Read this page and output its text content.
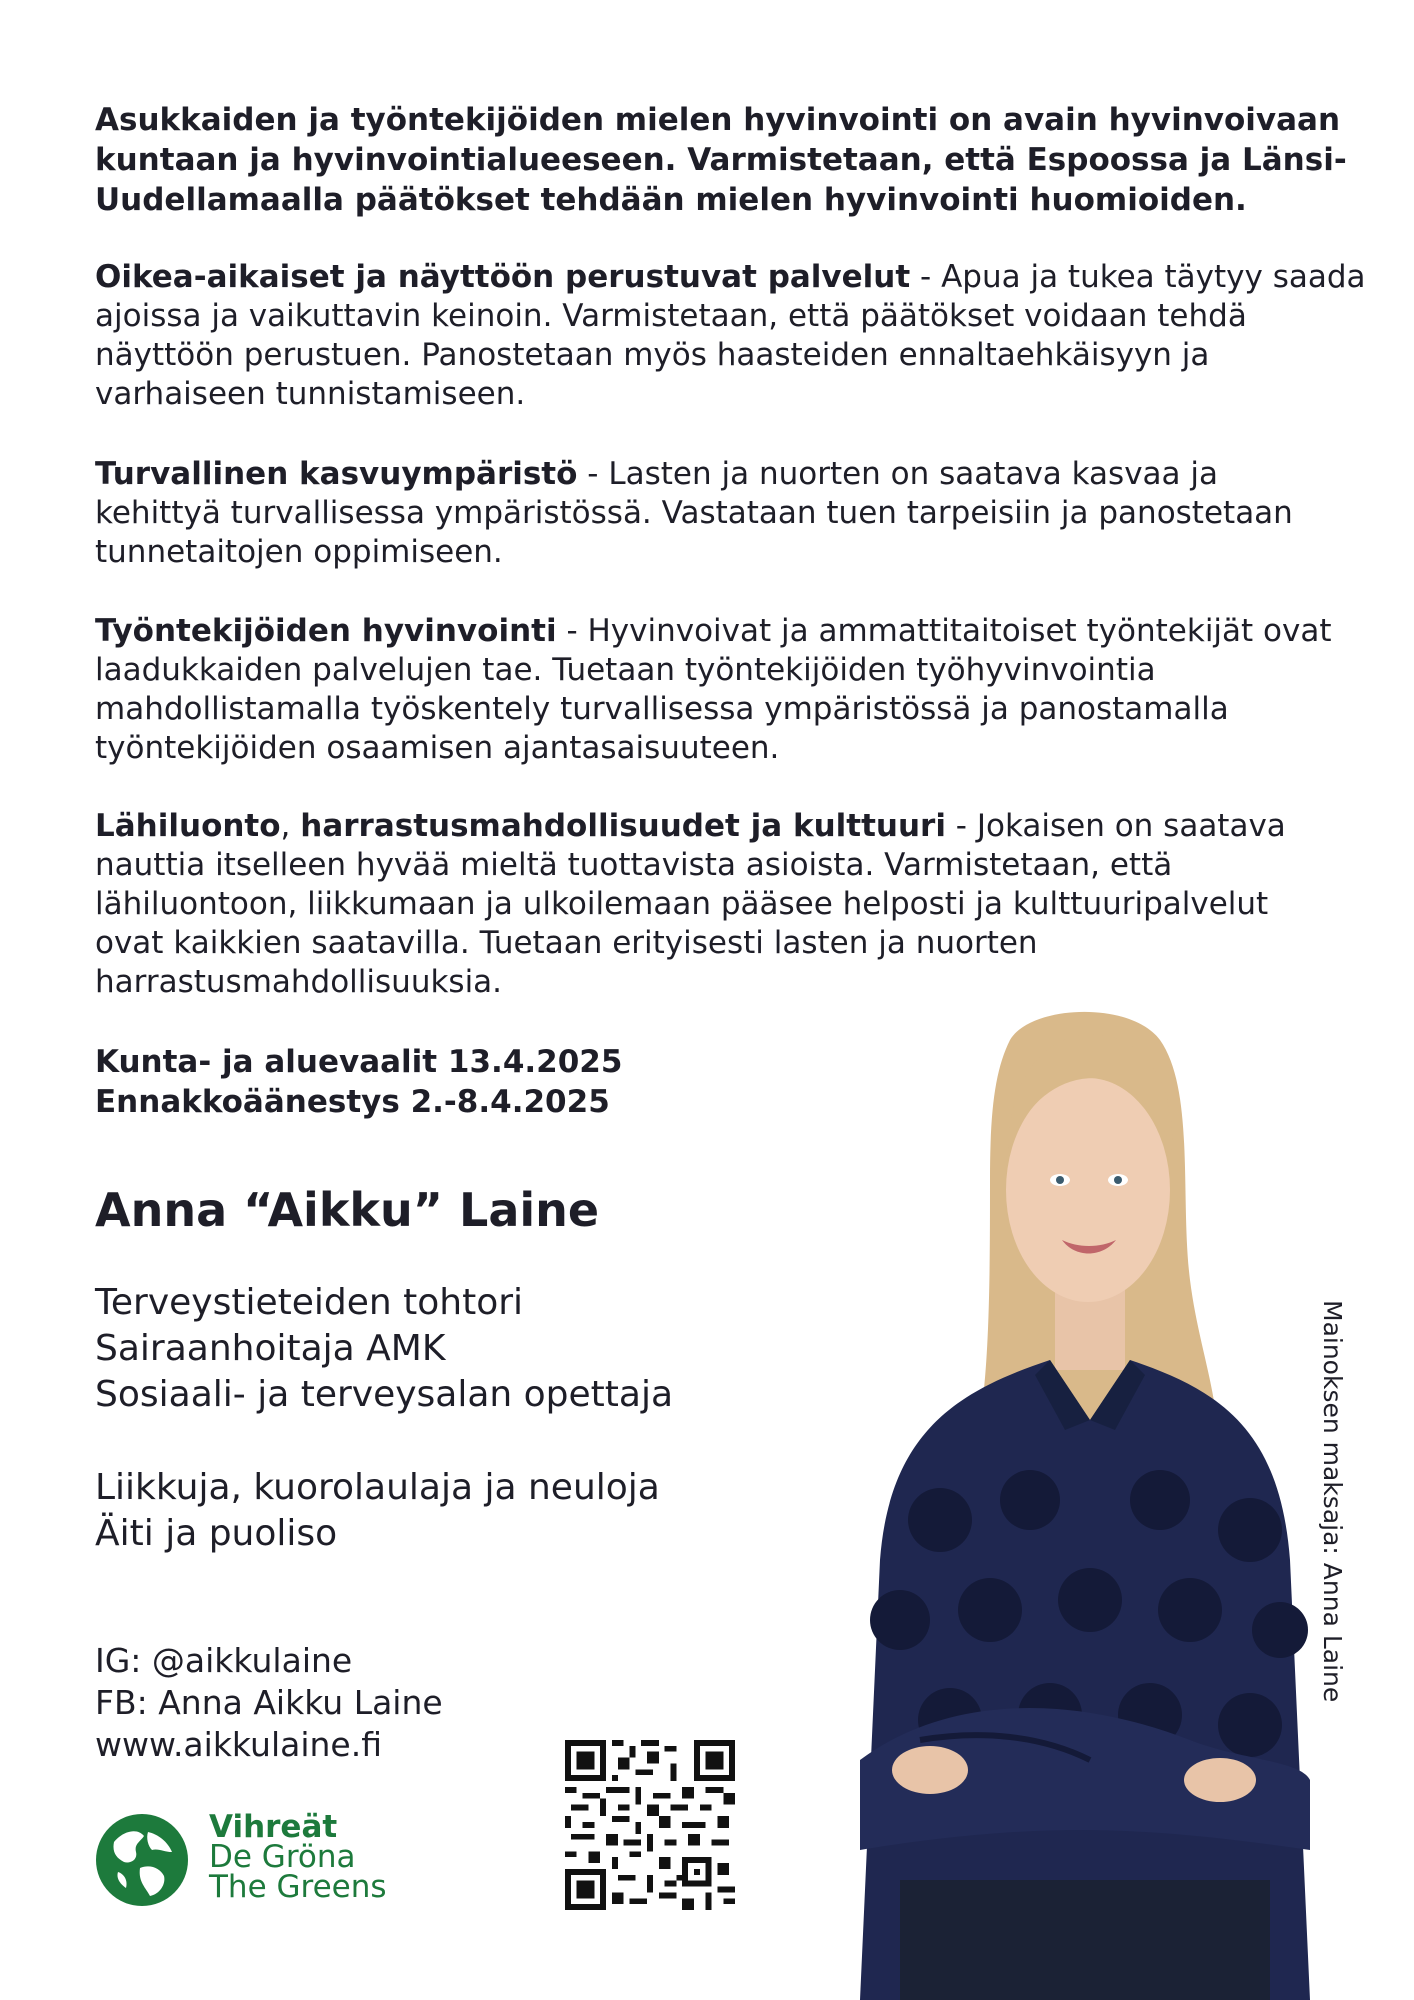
Asukkaiden ja työntekijöiden mielen hyvinvointi on avain hyvinvoivaan
kuntaan ja hyvinvointialueeseen. Varmistetaan, että Espoossa ja Länsi-
Uudellamaalla päätökset tehdään mielen hyvinvointi huomioiden.
Oikea-aikaiset ja näyttöön perustuvat palvelut - Apua ja tukea täytyy saada
ajoissa ja vaikuttavin keinoin. Varmistetaan, että päätökset voidaan tehdä
näyttöön perustuen. Panostetaan myös haasteiden ennaltaehkäisyyn ja
varhaiseen tunnistamiseen.
Turvallinen kasvuympäristö - Lasten ja nuorten on saatava kasvaa ja
kehittyä turvallisessa ympäristössä. Vastataan tuen tarpeisiin ja panostetaan
tunnetaitojen oppimiseen.
Työntekijöiden hyvinvointi - Hyvinvoivat ja ammattitaitoiset työntekijät ovat
laadukkaiden palvelujen tae. Tuetaan työntekijöiden työhyvinvointia
mahdollistamalla työskentely turvallisessa ympäristössä ja panostamalla
työntekijöiden osaamisen ajantasaisuuteen.
Lähiluonto, harrastusmahdollisuudet ja kulttuuri - Jokaisen on saatava
nauttia itselleen hyvää mieltä tuottavista asioista. Varmistetaan, että
lähiluontoon, liikkumaan ja ulkoilemaan pääsee helposti ja kulttuuripalvelut
ovat kaikkien saatavilla. Tuetaan erityisesti lasten ja nuorten
harrastusmahdollisuuksia.
Kunta- ja aluevaalit 13.4.2025
Ennakkoäänestys 2.-8.4.2025
Anna “Aikku” Laine
Terveystieteiden tohtori
Sairaanhoitaja AMK
Sosiaali- ja terveysalan opettaja
Liikkuja, kuorolaulaja ja neuloja
Äiti ja puoliso
IG: @aikkulaine
FB: Anna Aikku Laine
www.aikkulaine.fi
Vihreät
De Gröna
The Greens
Mainoksen maksaja: Anna Laine
